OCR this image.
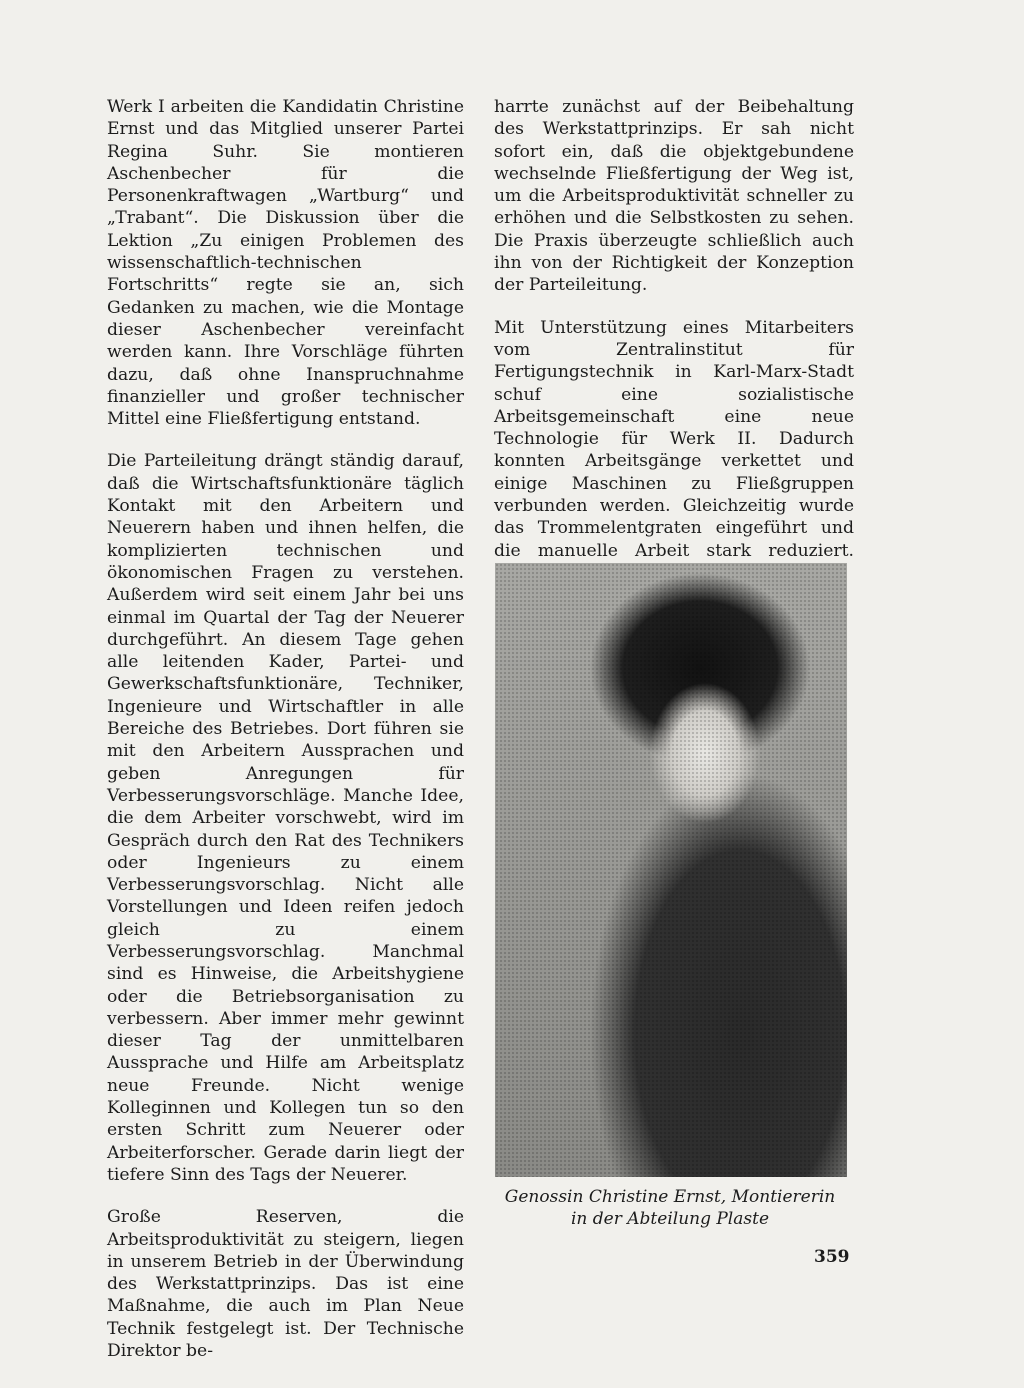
Werk I arbeiten die Kandidatin Christine Ernst und das Mitglied unserer Partei Regina Suhr. Sie montieren Aschenbecher für die Personenkraftwagen „Wartburg“ und „Trabant“. Die Diskussion über die Lektion „Zu einigen Problemen des wissenschaftlich-technischen Fortschritts“ regte sie an, sich Gedanken zu machen, wie die Montage dieser Aschenbecher vereinfacht werden kann. Ihre Vorschläge führten dazu, daß ohne Inanspruchnahme finanzieller und großer technischer Mittel eine Fließfertigung entstand.

Die Parteileitung drängt ständig darauf, daß die Wirtschaftsfunktionäre täglich Kontakt mit den Arbeitern und Neuerern haben und ihnen helfen, die komplizierten technischen und ökonomischen Fragen zu verstehen. Außerdem wird seit einem Jahr bei uns einmal im Quartal der Tag der Neuerer durchgeführt. An diesem Tage gehen alle leitenden Kader, Partei- und Gewerkschaftsfunktionäre, Techniker, Ingenieure und Wirtschaftler in alle Bereiche des Betriebes. Dort führen sie mit den Arbeitern Aussprachen und geben Anregungen für Verbesserungsvorschläge. Manche Idee, die dem Arbeiter vorschwebt, wird im Gespräch durch den Rat des Technikers oder Ingenieurs zu einem Verbesserungsvorschlag. Nicht alle Vorstellungen und Ideen reifen jedoch gleich zu einem Verbesserungsvorschlag. Manchmal sind es Hinweise, die Arbeitshygiene oder die Betriebsorganisation zu verbessern. Aber immer mehr gewinnt dieser Tag der unmittelbaren Aussprache und Hilfe am Arbeitsplatz neue Freunde. Nicht wenige Kolleginnen und Kollegen tun so den ersten Schritt zum Neuerer oder Arbeiterforscher. Gerade darin liegt der tiefere Sinn des Tags der Neuerer.

Große Reserven, die Arbeitsproduktivität zu steigern, liegen in unserem Betrieb in der Überwindung des Werkstattprinzips. Das ist eine Maßnahme, die auch im Plan Neue Technik festgelegt ist. Der Technische Direktor be-

harrte zunächst auf der Beibehaltung des Werkstattprinzips. Er sah nicht sofort ein, daß die objektgebundene wechselnde Fließfertigung der Weg ist, um die Arbeitsproduktivität schneller zu erhöhen und die Selbstkosten zu sehen. Die Praxis überzeugte schließlich auch ihn von der Richtigkeit der Konzeption der Parteileitung.

Mit Unterstützung eines Mitarbeiters vom Zentralinstitut für Fertigungstechnik in Karl-Marx-Stadt schuf eine sozialistische Arbeitsgemeinschaft eine neue Technologie für Werk II. Dadurch konnten Arbeitsgänge verkettet und einige Maschinen zu Fließgruppen verbunden werden. Gleichzeitig wurde das Trommelentgraten eingeführt und die manuelle Arbeit stark reduziert.

Genossin Christine Ernst, Montiererin
in der Abteilung Plaste
359
